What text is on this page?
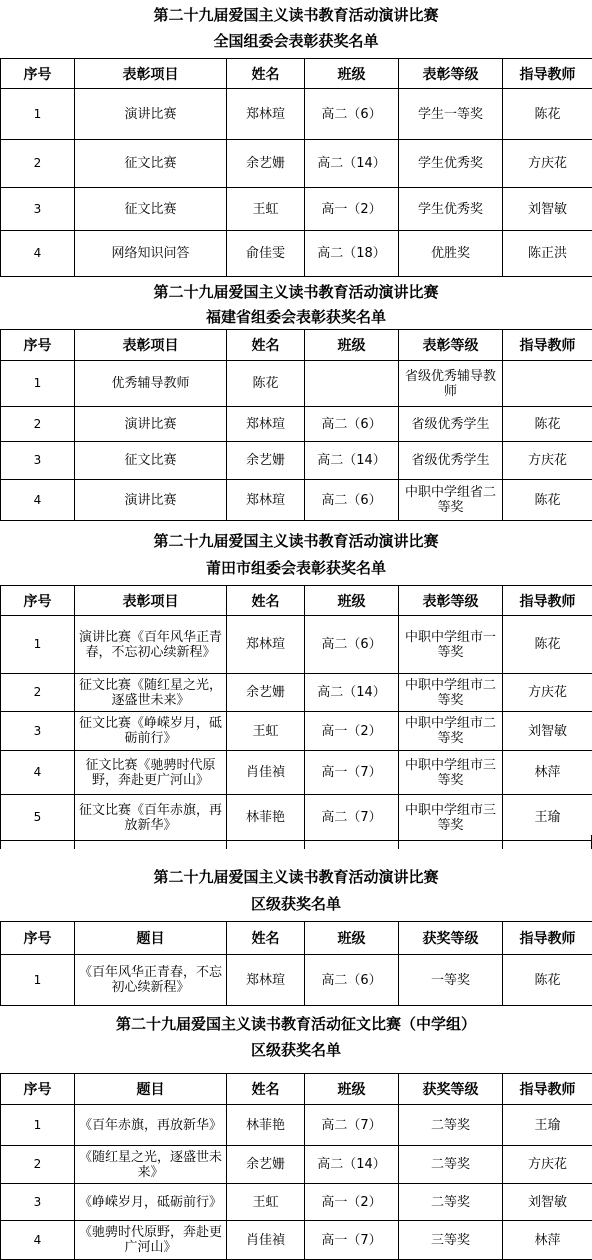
第二十九届爱国主义读书教育活动演讲比赛
全国组委会表彰获奖名单
序号	表彰项目	姓名	班级	表彰等级	指导教师
1	演讲比赛	郑林瑄	高二（6）	学生一等奖	陈花
2	征文比赛	余艺姗	高二（14）	学生优秀奖	方庆花
3	征文比赛	王虹	高一（2）	学生优秀奖	刘智敏
4	网络知识问答	俞佳雯	高二（18）	优胜奖	陈正洪
第二十九届爱国主义读书教育活动演讲比赛
福建省组委会表彰获奖名单
序号	表彰项目	姓名	班级	表彰等级	指导教师
1	优秀辅导教师	陈花		省级优秀辅导教师	
2	演讲比赛	郑林瑄	高二（6）	省级优秀学生	陈花
3	征文比赛	余艺姗	高二（14）	省级优秀学生	方庆花
4	演讲比赛	郑林瑄	高二（6）	中职中学组省二等奖	陈花
第二十九届爱国主义读书教育活动演讲比赛
莆田市组委会表彰获奖名单
序号	表彰项目	姓名	班级	表彰等级	指导教师
1	演讲比赛《百年风华正青春，不忘初心续新程》	郑林瑄	高二（6）	中职中学组市一等奖	陈花
2	征文比赛《随红星之光，逐盛世未来》	余艺姗	高二（14）	中职中学组市二等奖	方庆花
3	征文比赛《峥嵘岁月，砥砺前行》	王虹	高一（2）	中职中学组市二等奖	刘智敏
4	征文比赛《驰骋时代原野，奔赴更广河山》	肖佳禎	高一（7）	中职中学组市三等奖	林萍
5	征文比赛《百年赤旗，再放新华》	林菲艳	高二（7）	中职中学组市三等奖	王瑜
第二十九届爱国主义读书教育活动演讲比赛
区级获奖名单
序号	题目	姓名	班级	获奖等级	指导教师
1	《百年风华正青春，不忘初心续新程》	郑林瑄	高二（6）	一等奖	陈花
第二十九届爱国主义读书教育活动征文比赛（中学组）
区级获奖名单
序号	题目	姓名	班级	获奖等级	指导教师
1	《百年赤旗，再放新华》	林菲艳	高二（7）	二等奖	王瑜
2	《随红星之光，逐盛世未来》	余艺姗	高二（14）	二等奖	方庆花
3	《峥嵘岁月，砥砺前行》	王虹	高一（2）	二等奖	刘智敏
4	《驰骋时代原野，奔赴更广河山》	肖佳禎	高一（7）	三等奖	林萍
